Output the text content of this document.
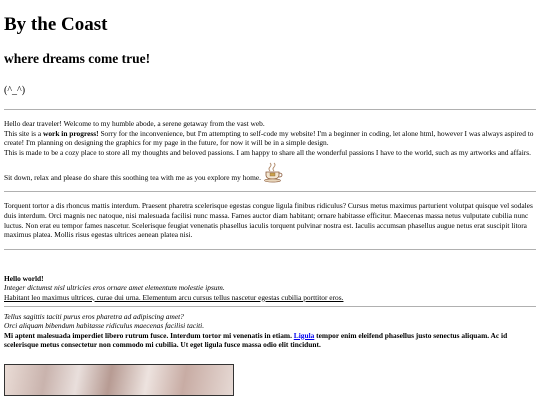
By the Coast
where dreams come true!
(^_^)

Hello dear traveler! Welcome to my humble abode, a serene getaway from the vast web.

This site is a work in progress! Sorry for the inconvenience, but I'm attempting to self-code my website! I'm a beginner in coding, let alone html, however I was always aspired to create! I'm planning on designing the graphics for my page in the future, for now it will be in a simple design.

This is made to be a cozy place to store all my thoughts and beloved passions. I am happy to share all the wonderful passions I have to the world, such as my artworks and affairs.

Sit down, relax and please do share this soothing tea with me as you explore my home.

Torquent tortor a dis rhoncus mattis interdum. Praesent pharetra scelerisque egestas congue ligula finibus ridiculus? Cursus metus maximus parturient volutpat quisque vel sodales duis interdum. Orci magnis nec natoque, nisi malesuada facilisi nunc massa. Fames auctor diam habitant; ornare habitasse efficitur. Maecenas massa netus vulputate cubilia nunc luctus. Non erat eu tempor fames nascetur. Scelerisque feugiat venenatis phasellus iaculis torquent pulvinar nostra est. Iaculis accumsan phasellus augue netus erat suscipit litora maximus platea. Mollis risus egestas ultrices aenean platea nisi.

Hello world!
Integer dictumst nisl ultricies eros ornare amet elementum molestie ipsum.
Habitant leo maximus ultrices, curae dui urna. Elementum arcu cursus tellus nascetur egestas cubilia porttitor eros.
Tellus sagittis taciti purus eros pharetra ad adipiscing amet?
Orci aliquam bibendum habitasse ridiculus maecenas facilisi taciti.
Mi aptent malesuada imperdiet libero rutrum fusce. Interdum tortor mi venenatis in etiam. Ligula tempor enim eleifend phasellus justo senectus aliquam. Ac id scelerisque metus consectetur non commodo mi cubilia. Ut eget ligula fusce massa odio elit tincidunt.
